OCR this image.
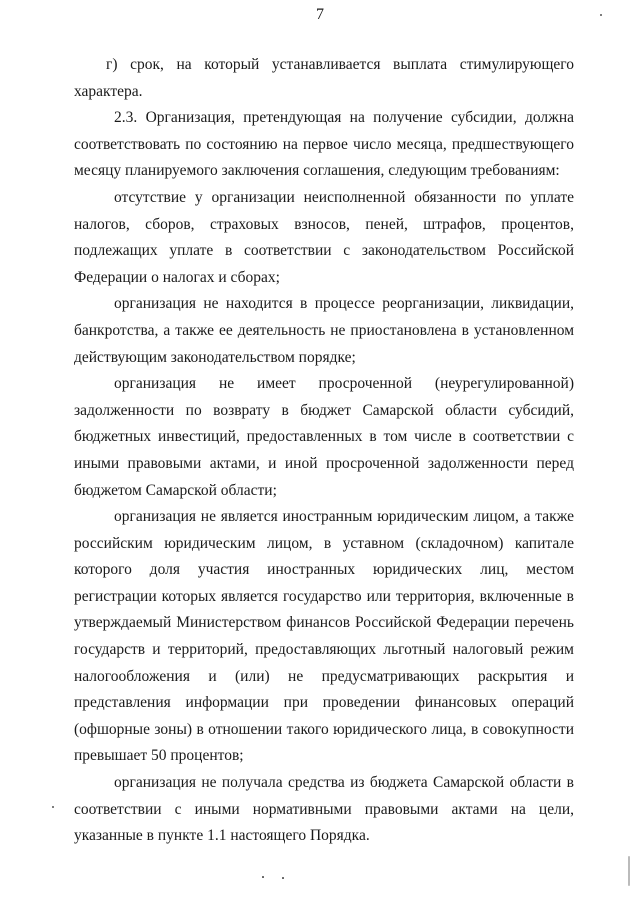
7

г) срок, на который устанавливается выплата стимулирующего характера.

2.3. Организация, претендующая на получение субсидии, должна соответствовать по состоянию на первое число месяца, предшествующего месяцу планируемого заключения соглашения, следующим требованиям:

отсутствие у организации неисполненной обязанности по уплате налогов, сборов, страховых взносов, пеней, штрафов, процентов, подлежащих уплате в соответствии с законодательством Российской Федерации о налогах и сборах;

организация не находится в процессе реорганизации, ликвидации, банкротства, а также ее деятельность не приостановлена в установленном действующим законодательством порядке;

организация не имеет просроченной (неурегулированной) задолженности по возврату в бюджет Самарской области субсидий, бюджетных инвестиций, предоставленных в том числе в соответствии с иными правовыми актами, и иной просроченной задолженности перед бюджетом Самарской области;

организация не является иностранным юридическим лицом, а также российским юридическим лицом, в уставном (складочном) капитале которого доля участия иностранных юридических лиц, местом регистрации которых является государство или территория, включенные в утверждаемый Министерством финансов Российской Федерации перечень государств и территорий, предоставляющих льготный налоговый режим налогообложения и (или) не предусматривающих раскрытия и представления информации при проведении финансовых операций (офшорные зоны) в отношении такого юридического лица, в совокупности превышает 50 процентов;

организация не получала средства из бюджета Самарской области в соответствии с иными нормативными правовыми актами на цели, указанные в пункте 1.1 настоящего Порядка.
